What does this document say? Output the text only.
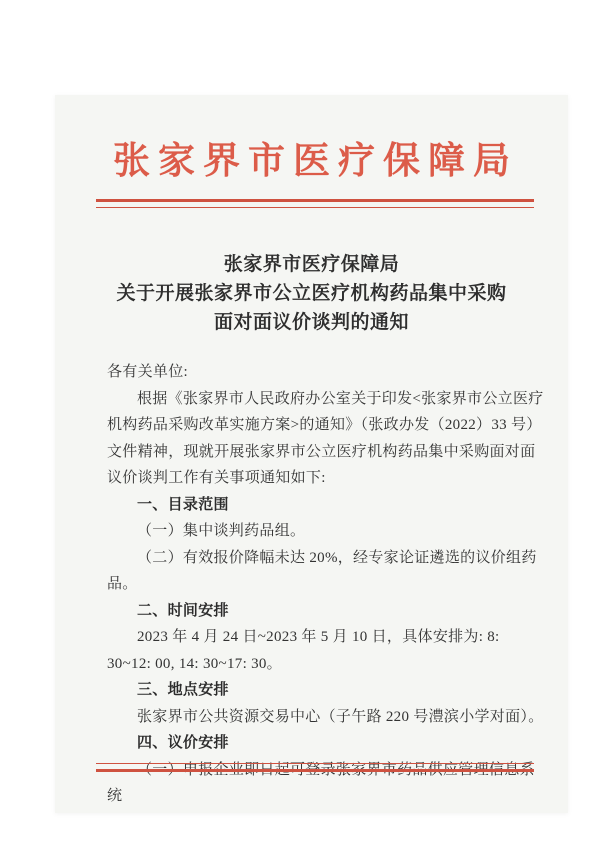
张家界市医疗保障局
张家界市医疗保障局
关于开展张家界市公立医疗机构药品集中采购
面对面议价谈判的通知

各有关单位:

根据《张家界市人民政府办公室关于印发<张家界市公立医疗机构药品采购改革实施方案>的通知》（张政办发（2022）33 号）文件精神，现就开展张家界市公立医疗机构药品集中采购面对面议价谈判工作有关事项通知如下:

一、目录范围

（一）集中谈判药品组。

（二）有效报价降幅未达 20%，经专家论证遴选的议价组药品。

二、时间安排

2023 年 4 月 24 日~2023 年 5 月 10 日，具体安排为: 8: 30~12: 00, 14: 30~17: 30。

三、地点安排

张家界市公共资源交易中心（子午路 220 号澧滨小学对面）。

四、议价安排

（一）申报企业即日起可登录张家界市药品供应管理信息系统
